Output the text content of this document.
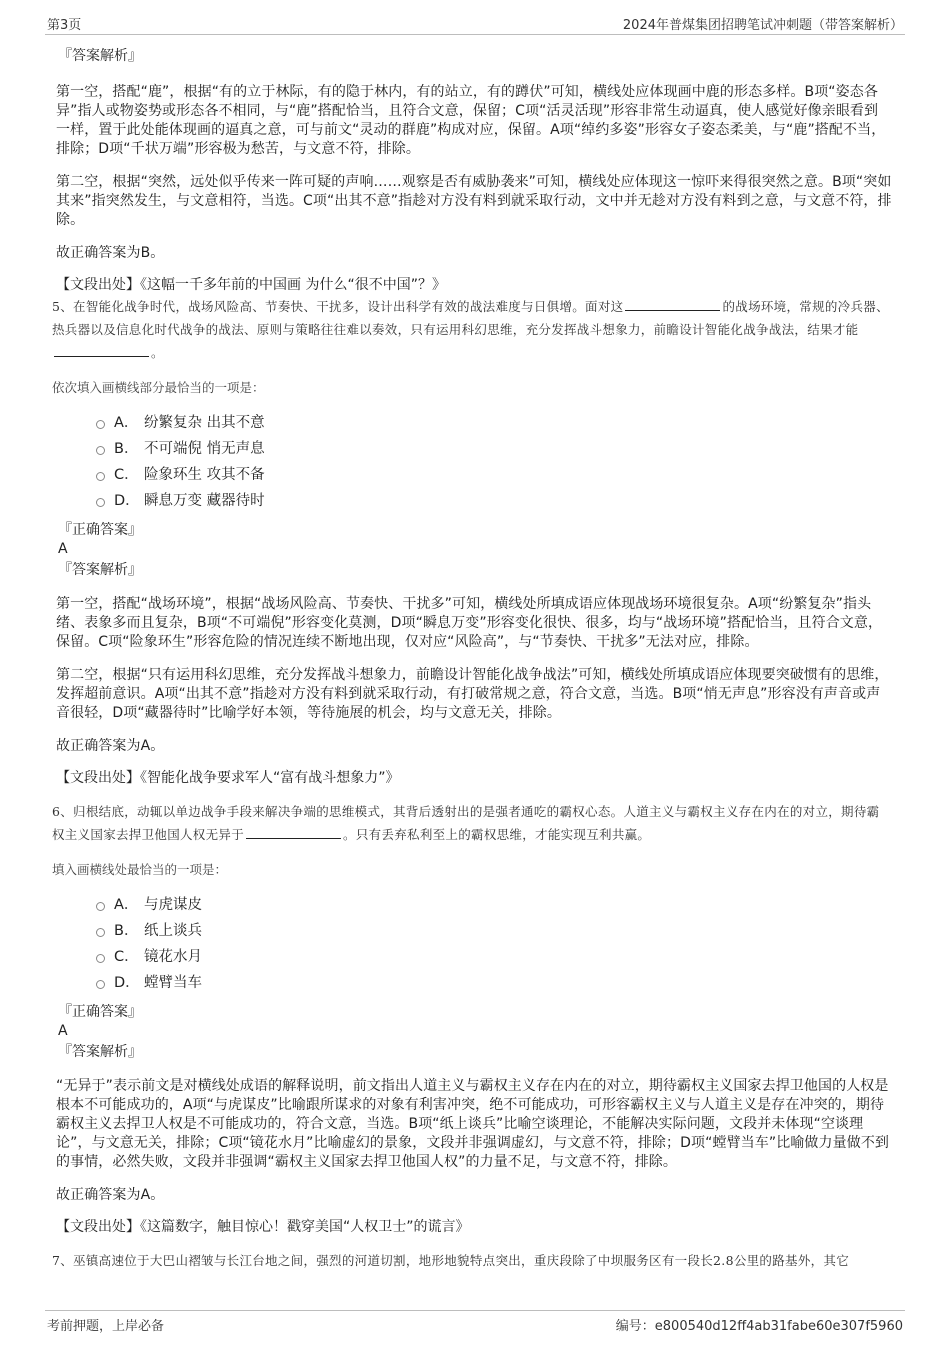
第3页	2024年普煤集团招聘笔试冲刺题（带答案解析）

『答案解析』

第一空，搭配“鹿”，根据“有的立于林际，有的隐于林内，有的站立，有的蹲伏”可知，横线处应体现画中鹿的形态多样。B项“姿态各异”指人或物姿势或形态各不相同，与“鹿”搭配恰当，且符合文意，保留；C项“活灵活现”形容非常生动逼真，使人感觉好像亲眼看到一样，置于此处能体现画的逼真之意，可与前文“灵动的群鹿”构成对应，保留。A项“绰约多姿”形容女子姿态柔美，与“鹿”搭配不当，排除；D项“千状万端”形容极为愁苦，与文意不符，排除。

第二空，根据“突然，远处似乎传来一阵可疑的声响……观察是否有威胁袭来”可知，横线处应体现这一惊吓来得很突然之意。B项“突如其来”指突然发生，与文意相符，当选。C项“出其不意”指趁对方没有料到就采取行动，文中并无趁对方没有料到之意，与文意不符，排除。

故正确答案为B。

【文段出处】《这幅一千多年前的中国画 为什么“很不中国”？》

5、在智能化战争时代，战场风险高、节奏快、干扰多，设计出科学有效的战法难度与日俱增。面对这	的战场环境，常规的冷兵器、热兵器以及信息化时代战争的战法、原则与策略往往难以奏效，只有运用科幻思维，充分发挥战斗想象力，前瞻设计智能化战争战法，结果才能。

依次填入画横线部分最恰当的一项是：

A． 纷繁复杂 出其不意
B． 不可端倪 悄无声息
C． 险象环生 攻其不备
D． 瞬息万变 藏器待时

『正确答案』

A

『答案解析』

第一空，搭配“战场环境”，根据“战场风险高、节奏快、干扰多”可知，横线处所填成语应体现战场环境很复杂。A项“纷繁复杂”指头绪、表象多而且复杂，B项“不可端倪”形容变化莫测，D项“瞬息万变”形容变化很快、很多，均与“战场环境”搭配恰当，且符合文意，保留。C项“险象环生”形容危险的情况连续不断地出现，仅对应“风险高”，与“节奏快、干扰多”无法对应，排除。

第二空，根据“只有运用科幻思维，充分发挥战斗想象力，前瞻设计智能化战争战法”可知，横线处所填成语应体现要突破惯有的思维，发挥超前意识。A项“出其不意”指趁对方没有料到就采取行动，有打破常规之意，符合文意，当选。B项“悄无声息”形容没有声音或声音很轻，D项“藏器待时”比喻学好本领，等待施展的机会，均与文意无关，排除。

故正确答案为A。

【文段出处】《智能化战争要求军人“富有战斗想象力”》

6、归根结底，动辄以单边战争手段来解决争端的思维模式，其背后透射出的是强者通吃的霸权心态。人道主义与霸权主义存在内在的对立，期待霸权主义国家去捍卫他国人权无异于	。只有丢弃私利至上的霸权思维，才能实现互利共赢。

填入画横线处最恰当的一项是：

A． 与虎谋皮
B． 纸上谈兵
C． 镜花水月
D． 螳臂当车

『正确答案』

A

『答案解析』

“无异于”表示前文是对横线处成语的解释说明，前文指出人道主义与霸权主义存在内在的对立，期待霸权主义国家去捍卫他国的人权是根本不可能成功的，A项“与虎谋皮”比喻跟所谋求的对象有利害冲突，绝不可能成功，可形容霸权主义与人道主义是存在冲突的，期待霸权主义去捍卫人权是不可能成功的，符合文意，当选。B项“纸上谈兵”比喻空谈理论，不能解决实际问题，文段并未体现“空谈理论”，与文意无关，排除；C项“镜花水月”比喻虚幻的景象，文段并非强调虚幻，与文意不符，排除；D项“螳臂当车”比喻做力量做不到的事情，必然失败，文段并非强调“霸权主义国家去捍卫他国人权”的力量不足，与文意不符，排除。

故正确答案为A。

【文段出处】《这篇数字，触目惊心！戳穿美国“人权卫士”的谎言》

7、巫镇高速位于大巴山褶皱与长江台地之间，强烈的河道切割，地形地貌特点突出，重庆段除了中坝服务区有一段长2.8公里的路基外，其它

考前押题，上岸必备	编号：e800540d12ff4ab31fabe60e307f5960
